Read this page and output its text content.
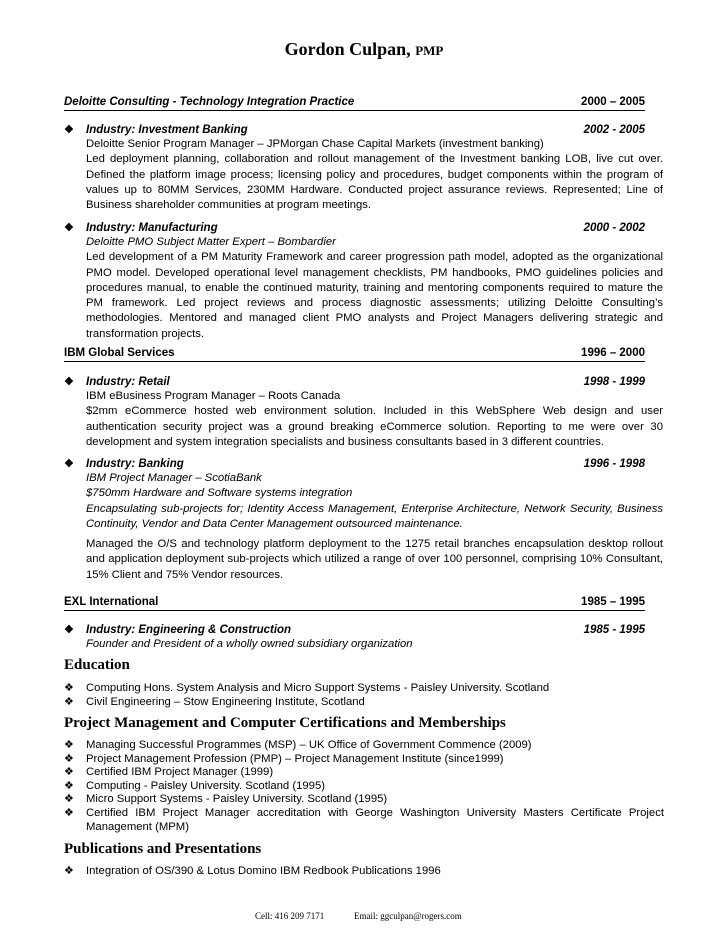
Gordon Culpan, PMP
Deloitte Consulting - Technology Integration Practice	2000 – 2005
❖ Industry: Investment Banking	2002 - 2005

Deloitte Senior Program Manager – JPMorgan Chase Capital Markets (investment banking)

Led deployment planning, collaboration and rollout management of the Investment banking LOB, live cut over. Defined the platform image process; licensing policy and procedures, budget components within the program of values up to 80MM Services, 230MM Hardware. Conducted project assurance reviews. Represented; Line of Business shareholder communities at program meetings.

❖ Industry: Manufacturing	2000 - 2002

Deloitte PMO Subject Matter Expert – Bombardier

Led development of a PM Maturity Framework and career progression path model, adopted as the organizational PMO model. Developed operational level management checklists, PM handbooks, PMO guidelines policies and procedures manual, to enable the continued maturity, training and mentoring components required to mature the PM framework. Led project reviews and process diagnostic assessments; utilizing Deloitte Consulting’s methodologies. Mentored and managed client PMO analysts and Project Managers delivering strategic and transformation projects.

IBM Global Services	1996 – 2000
❖ Industry: Retail	1998 - 1999

IBM eBusiness Program Manager – Roots Canada

$2mm eCommerce hosted web environment solution. Included in this WebSphere Web design and user authentication security project was a ground breaking eCommerce solution. Reporting to me were over 30 development and system integration specialists and business consultants based in 3 different countries.

❖ Industry: Banking	1996 - 1998

IBM Project Manager – ScotiaBank

$750mm Hardware and Software systems integration

Encapsulating sub-projects for; Identity Access Management, Enterprise Architecture, Network Security, Business Continuity, Vendor and Data Center Management outsourced maintenance.

Managed the O/S and technology platform deployment to the 1275 retail branches encapsulation desktop rollout and application deployment sub-projects which utilized a range of over 100 personnel, comprising 10% Consultant, 15% Client and 75% Vendor resources.

EXL International	1985 – 1995
❖ Industry: Engineering & Construction	1985 - 1995

Founder and President of a wholly owned subsidiary organization

Education
❖ Computing Hons. System Analysis and Micro Support Systems - Paisley University. Scotland
❖ Civil Engineering – Stow Engineering Institute, Scotland
Project Management and Computer Certifications and Memberships
❖ Managing Successful Programmes (MSP) – UK Office of Government Commence (2009)
❖ Project Management Profession (PMP) – Project Management Institute (since1999)
❖ Certified IBM Project Manager (1999)
❖ Computing - Paisley University. Scotland (1995)
❖ Micro Support Systems - Paisley University. Scotland (1995)
❖ Certified IBM Project Manager accreditation with George Washington University Masters Certificate Project Management (MPM)
Publications and Presentations
❖ Integration of OS/390 & Lotus Domino IBM Redbook Publications 1996
Cell: 416 209 7171	Email: ggculpan@rogers.com
